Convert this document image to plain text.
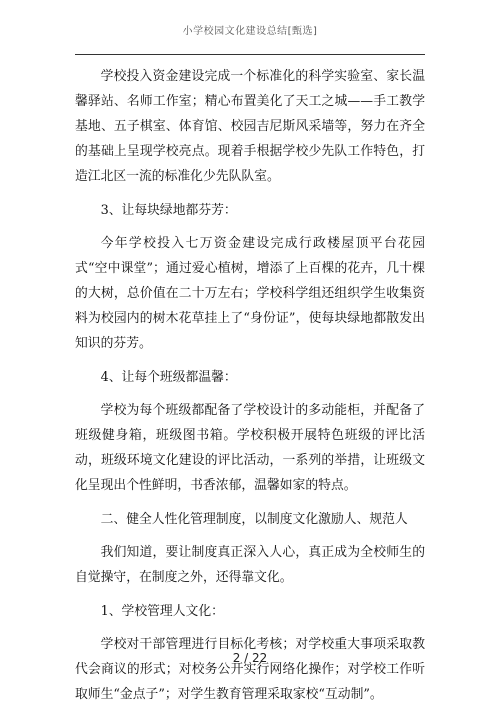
小学校园文化建设总结[甄选]

学校投入资金建设完成一个标准化的科学实验室、家长温馨驿站、名师工作室；精心布置美化了天工之城——手工教学基地、五子棋室、体育馆、校园吉尼斯风采墙等，努力在齐全的基础上呈现学校亮点。现着手根据学校少先队工作特色，打造江北区一流的标准化少先队队室。

3、让每块绿地都芬芳：

今年学校投入七万资金建设完成行政楼屋顶平台花园式“空中课堂”；通过爱心植树，增添了上百棵的花卉，几十棵的大树，总价值在二十万左右；学校科学组还组织学生收集资料为校园内的树木花草挂上了“身份证”，使每块绿地都散发出知识的芬芳。

4、让每个班级都温馨：

学校为每个班级都配备了学校设计的多动能柜，并配备了班级健身箱，班级图书箱。学校积极开展特色班级的评比活动，班级环境文化建设的评比活动，一系列的举措，让班级文化呈现出个性鲜明，书香浓郁，温馨如家的特点。

二、健全人性化管理制度，以制度文化激励人、规范人

我们知道，要让制度真正深入人心，真正成为全校师生的自觉操守，在制度之外，还得靠文化。

1、学校管理人文化：

学校对干部管理进行目标化考核；对学校重大事项采取教代会商议的形式；对校务公开实行网络化操作；对学校工作听取师生“金点子”；对学生教育管理采取家校“互动制”。

2 / 22
